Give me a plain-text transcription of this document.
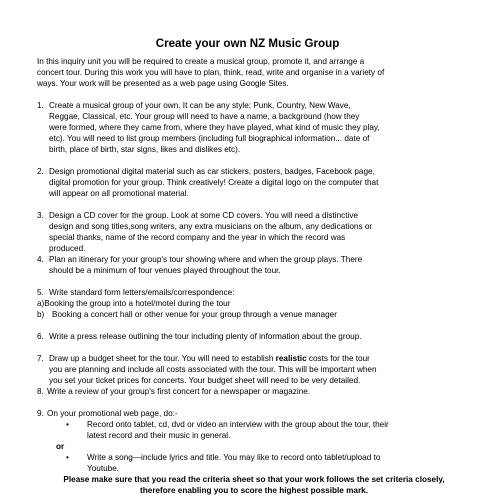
Create your own NZ Music Group
In this inquiry unit you will be required to create a musical group, promote it, and arrange a
concert tour. During this work you will have to plan, think, read, write and organise in a variety of
ways. Your work will be presented as a web page using Google Sites.
1. Create a musical group of your own. It can be any style; Punk, Country, New Wave,
Reggae, Classical, etc. Your group will need to have a name, a background (how they
were formed, where they came from, where they have played, what kind of music they play,
etc). You will need to list group members (including full biographical information... date of
birth, place of birth, star signs, likes and dislikes etc).
2. Design promotional digital material such as car stickers, posters, badges, Facebook page,
digital promotion for your group. Think creatively! Create a digital logo on the computer that
will appear on all promotional material.
3. Design a CD cover for the group. Look at some CD covers. You will need a distinctive
design and song titles,song writers, any extra musicians on the album, any dedications or
special thanks, name of the record company and the year in which the record was
produced.
4. Plan an itinerary for your group's tour showing where and when the group plays. There
should be a minimum of four venues played throughout the tour.
5. Write standard form letters/emails/correspondence:
a)Booking the group into a hotel/motel during the tour
b) Booking a concert hall or other venue for your group through a venue manager
6. Write a press release outlining the tour including plenty of information about the group.
7. Draw up a budget sheet for the tour. You will need to establish realistic costs for the tour
you are planning and include all costs associated with the tour. This will be important when
you set your ticket prices for concerts. Your budget sheet will need to be very detailed.
8. Write a review of your group's first concert for a newspaper or magazine.
9. On your promotional web page, do:-
• Record onto tablet, cd, dvd or video an interview with the group about the tour, their
latest record and their music in general.
or
• Write a song—include lyrics and title. You may like to record onto tablet/upload to
Youtube.
Please make sure that you read the criteria sheet so that your work follows the set criteria closely, therefore enabling you to score the highest possible mark.
